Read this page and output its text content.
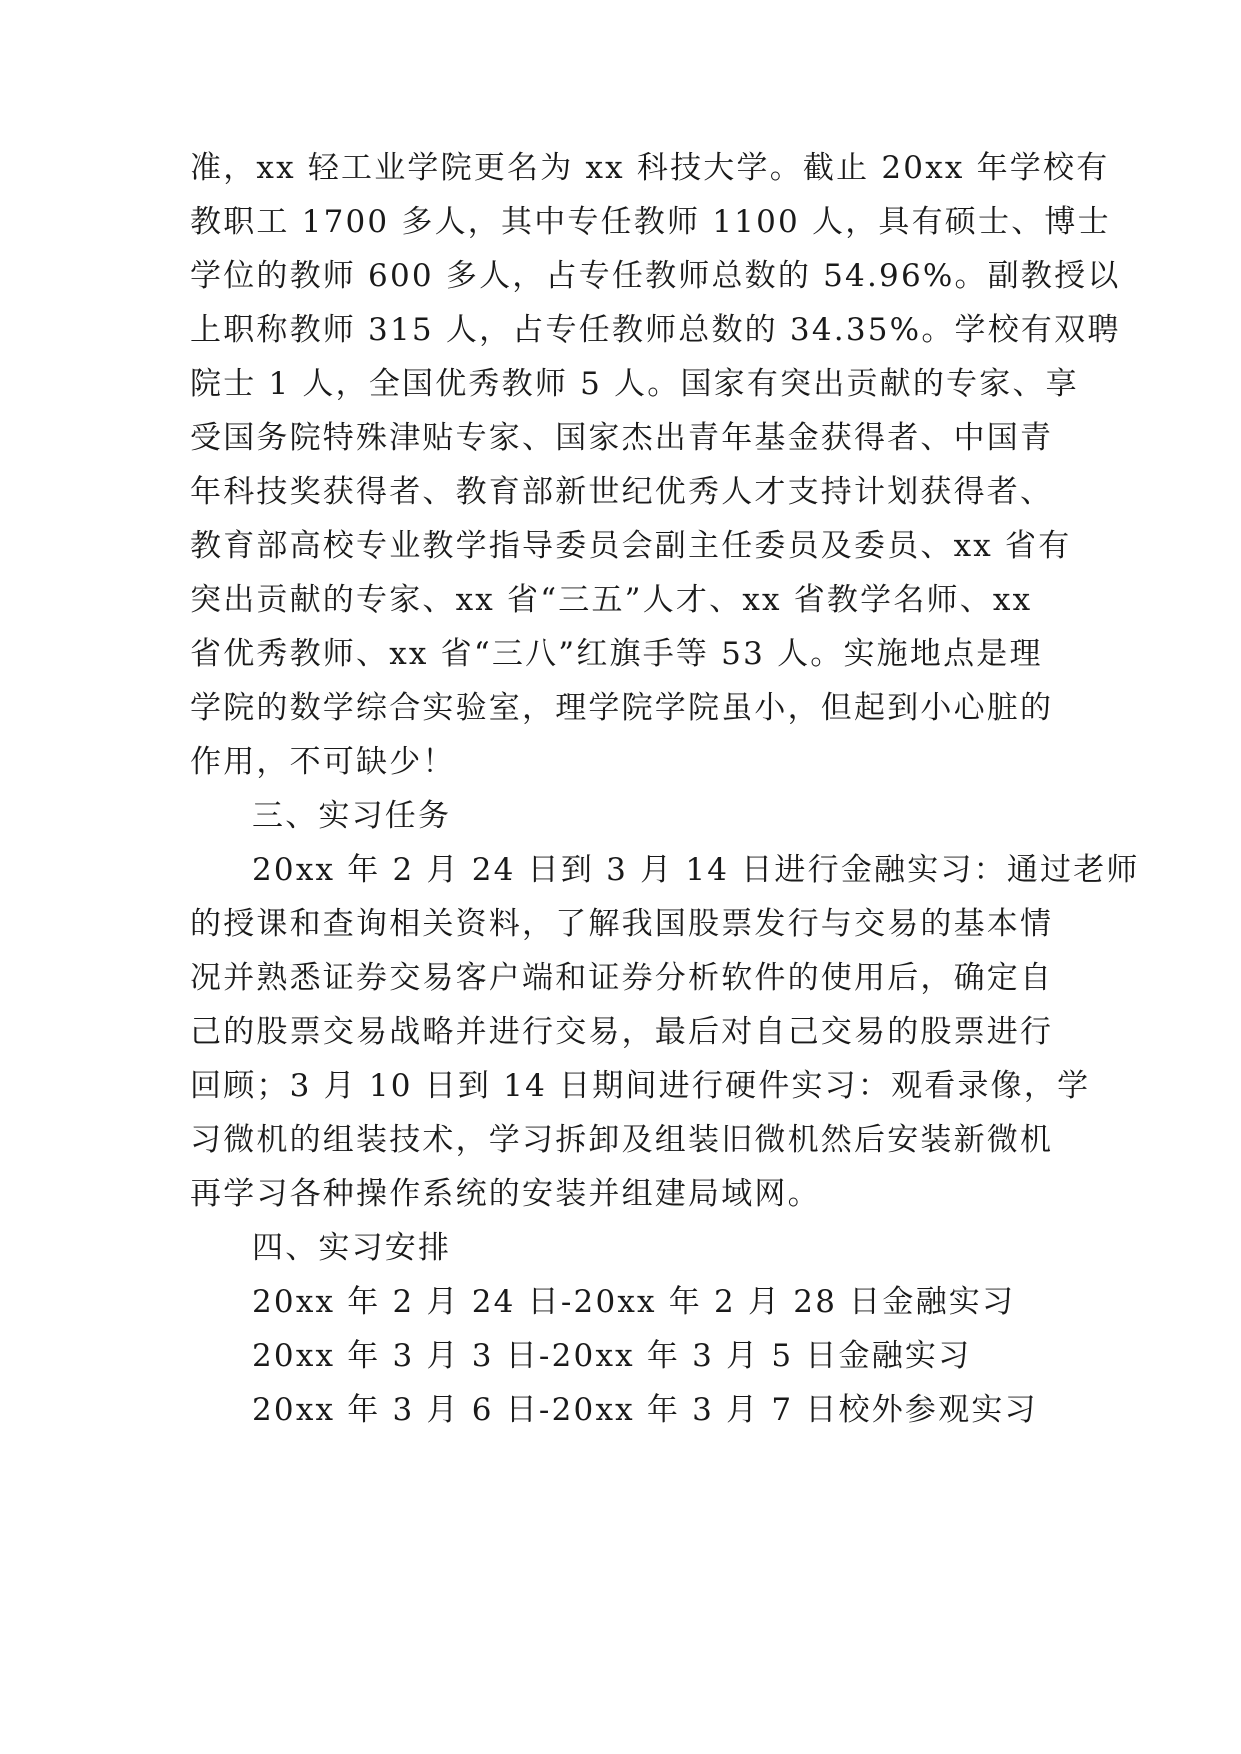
准，xx 轻工业学院更名为 xx 科技大学。截止 20xx 年学校有
教职工 1700 多人，其中专任教师 1100 人，具有硕士、博士
学位的教师 600 多人，占专任教师总数的 54.96%。副教授以
上职称教师 315 人，占专任教师总数的 34.35%。学校有双聘
院士 1 人，全国优秀教师 5 人。国家有突出贡献的专家、享
受国务院特殊津贴专家、国家杰出青年基金获得者、中国青
年科技奖获得者、教育部新世纪优秀人才支持计划获得者、
教育部高校专业教学指导委员会副主任委员及委员、xx 省有
突出贡献的专家、xx 省“三五”人才、xx 省教学名师、xx
省优秀教师、xx 省“三八”红旗手等 53 人。实施地点是理
学院的数学综合实验室，理学院学院虽小，但起到小心脏的
作用，不可缺少！
三、实习任务
20xx 年 2 月 24 日到 3 月 14 日进行金融实习：通过老师
的授课和查询相关资料，了解我国股票发行与交易的基本情
况并熟悉证券交易客户端和证券分析软件的使用后，确定自
己的股票交易战略并进行交易，最后对自己交易的股票进行
回顾；3 月 10 日到 14 日期间进行硬件实习：观看录像，学
习微机的组装技术，学习拆卸及组装旧微机然后安装新微机
再学习各种操作系统的安装并组建局域网。
四、实习安排
20xx 年 2 月 24 日-20xx 年 2 月 28 日金融实习
20xx 年 3 月 3 日-20xx 年 3 月 5 日金融实习
20xx 年 3 月 6 日-20xx 年 3 月 7 日校外参观实习
